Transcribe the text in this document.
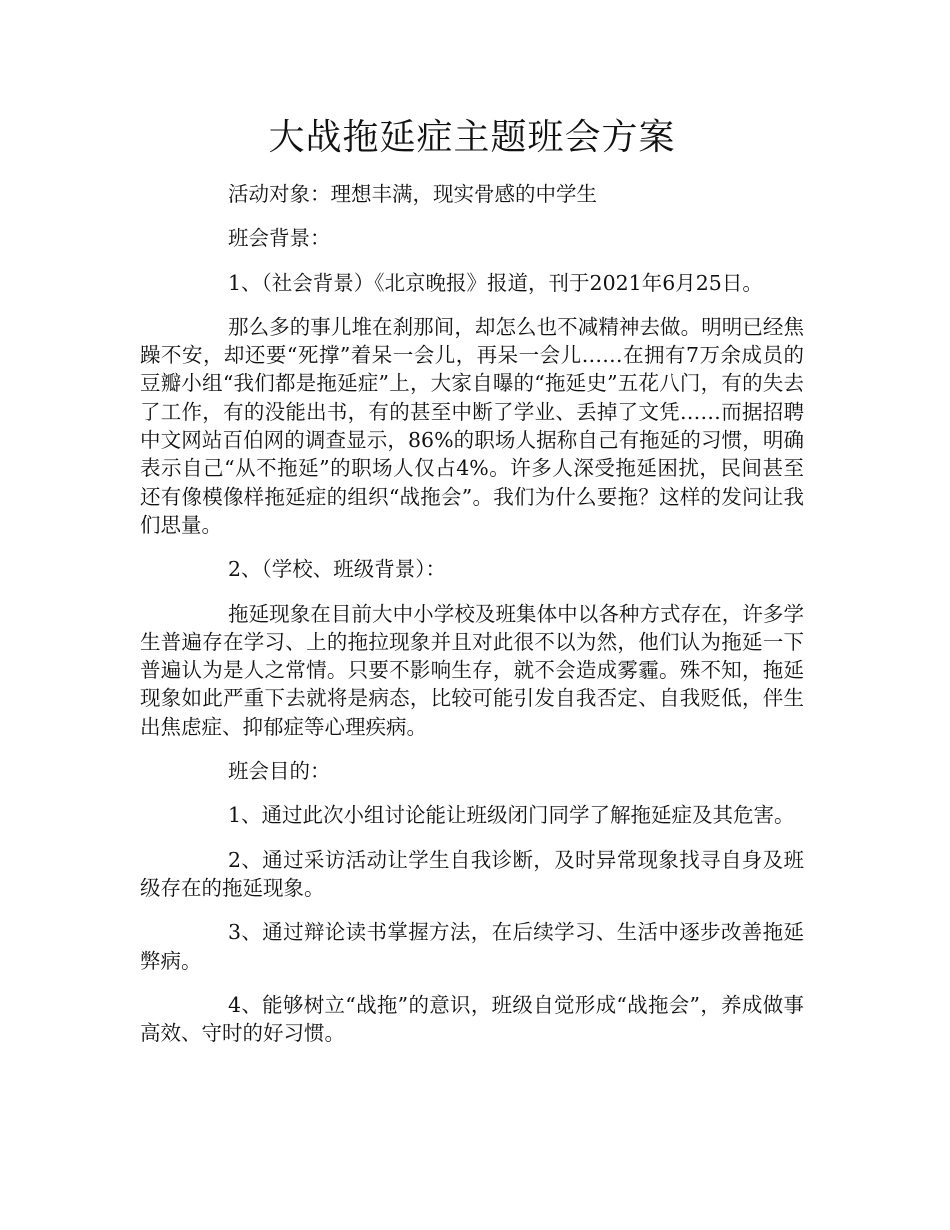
大战拖延症主题班会方案

活动对象：理想丰满，现实骨感的中学生

班会背景：

1、（社会背景）《北京晚报》报道，刊于2021年6月25日。

那么多的事儿堆在刹那间，却怎么也不减精神去做。明明已经焦躁不安，却还要“死撑”着呆一会儿，再呆一会儿……在拥有7万余成员的豆瓣小组“我们都是拖延症”上，大家自曝的“拖延史”五花八门，有的失去了工作，有的没能出书，有的甚至中断了学业、丢掉了文凭……而据招聘中文网站百伯网的调查显示，86%的职场人据称自己有拖延的习惯，明确表示自己“从不拖延”的职场人仅占4%。许多人深受拖延困扰，民间甚至还有像模像样拖延症的组织“战拖会”。我们为什么要拖？这样的发问让我们思量。

2、（学校、班级背景）：

拖延现象在目前大中小学校及班集体中以各种方式存在，许多学生普遍存在学习、上的拖拉现象并且对此很不以为然，他们认为拖延一下普遍认为是人之常情。只要不影响生存，就不会造成雾霾。殊不知，拖延现象如此严重下去就将是病态，比较可能引发自我否定、自我贬低，伴生出焦虑症、抑郁症等心理疾病。

班会目的：

1、通过此次小组讨论能让班级闭门同学了解拖延症及其危害。

2、通过采访活动让学生自我诊断，及时异常现象找寻自身及班级存在的拖延现象。

3、通过辩论读书掌握方法，在后续学习、生活中逐步改善拖延弊病。

4、能够树立“战拖”的意识，班级自觉形成“战拖会”，养成做事高效、守时的好习惯。
